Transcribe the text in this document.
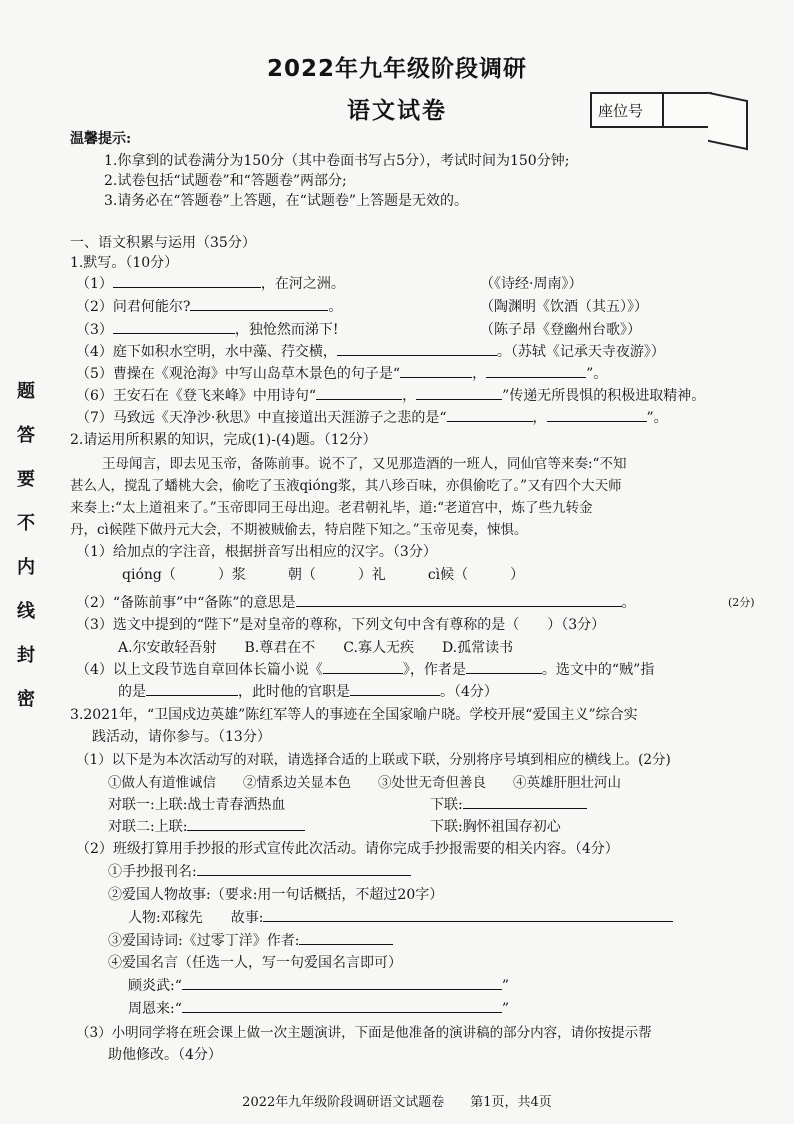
2022年九年级阶段调研
语文试卷	座位号
题
答
要
不
内
线
封
密
温馨提示:
1.你拿到的试卷满分为150分（其中卷面书写占5分），考试时间为150分钟;
2.试卷包括“试题卷”和“答题卷”两部分;
3.请务必在“答题卷”上答题，在“试题卷”上答题是无效的。
一、语文积累与运用（35分）
1.默写。（10分）
（1）	，在河之洲。	（《诗经·周南》）
（2）问君何能尔?	。	（陶渊明《饮酒（其五）》）
（3）	，独怆然而涕下!	（陈子昂《登幽州台歌》）
（4）庭下如积水空明，水中藻、荇交横，	。（苏轼《记承天寺夜游》）
（5）曹操在《观沧海》中写山岛草木景色的句子是“	，	”。
（6）王安石在《登飞来峰》中用诗句“	，	”传递无所畏惧的积极进取精神。
（7）马致远《天净沙·秋思》中直接道出天涯游子之悲的是“	，	”。
2.请运用所积累的知识，完成(1)-(4)题。（12分）
王母闻言，即去见玉帝，备陈前事。说不了，又见那造酒的一班人，同仙官等来奏:“不知
甚么人，搅乱了蟠桃大会，偷吃了玉液qióng浆，其八珍百味，亦俱偷吃了。”又有四个大天师
来奏上:“太上道祖来了。”玉帝即同王母出迎。老君朝礼毕，道:“老道宫中，炼了些九转金
丹，cì候陛下做丹元大会，不期被贼偷去，特启陛下知之。”玉帝见奏，悚惧。
（1）给加点的字注音，根据拼音写出相应的汉字。（3分）
qióng（　　　）浆　　　朝（　　　）礼　　　cì候（　　　）
（2）“备陈前事”中“备陈”的意思是	。	(2分)
（3）选文中提到的“陛下”是对皇帝的尊称，下列文句中含有尊称的是（　　）（3分）
A.尔安敢轻吾射　　B.尊君在不　　C.寡人无疾　　D.孤常读书
（4）以上文段节选自章回体长篇小说《	》，作者是	。选文中的“贼”指
的是	，此时他的官职是	。（4分）
3.2021年，“卫国戍边英雄”陈红军等人的事迹在全国家喻户晓。学校开展“爱国主义”综合实
践活动，请你参与。（13分）
（1）以下是为本次活动写的对联，请选择合适的上联或下联，分别将序号填到相应的横线上。(2分)
①做人有道惟诚信　　②情系边关显本色　　③处世无奇但善良　　④英雄肝胆壮河山
对联一:上联:战士青春洒热血	下联:
对联二:上联:	下联:胸怀祖国存初心
（2）班级打算用手抄报的形式宣传此次活动。请你完成手抄报需要的相关内容。（4分）
①手抄报刊名:
②爱国人物故事:（要求:用一句话概括，不超过20字）
人物:邓稼先　　故事:
③爱国诗词:《过零丁洋》作者:
④爱国名言（任选一人，写一句爱国名言即可）
顾炎武:“	”
周恩来:“	”
（3）小明同学将在班会课上做一次主题演讲，下面是他准备的演讲稿的部分内容，请你按提示帮
助他修改。（4分）
2022年九年级阶段调研语文试题卷　　第1页，共4页
